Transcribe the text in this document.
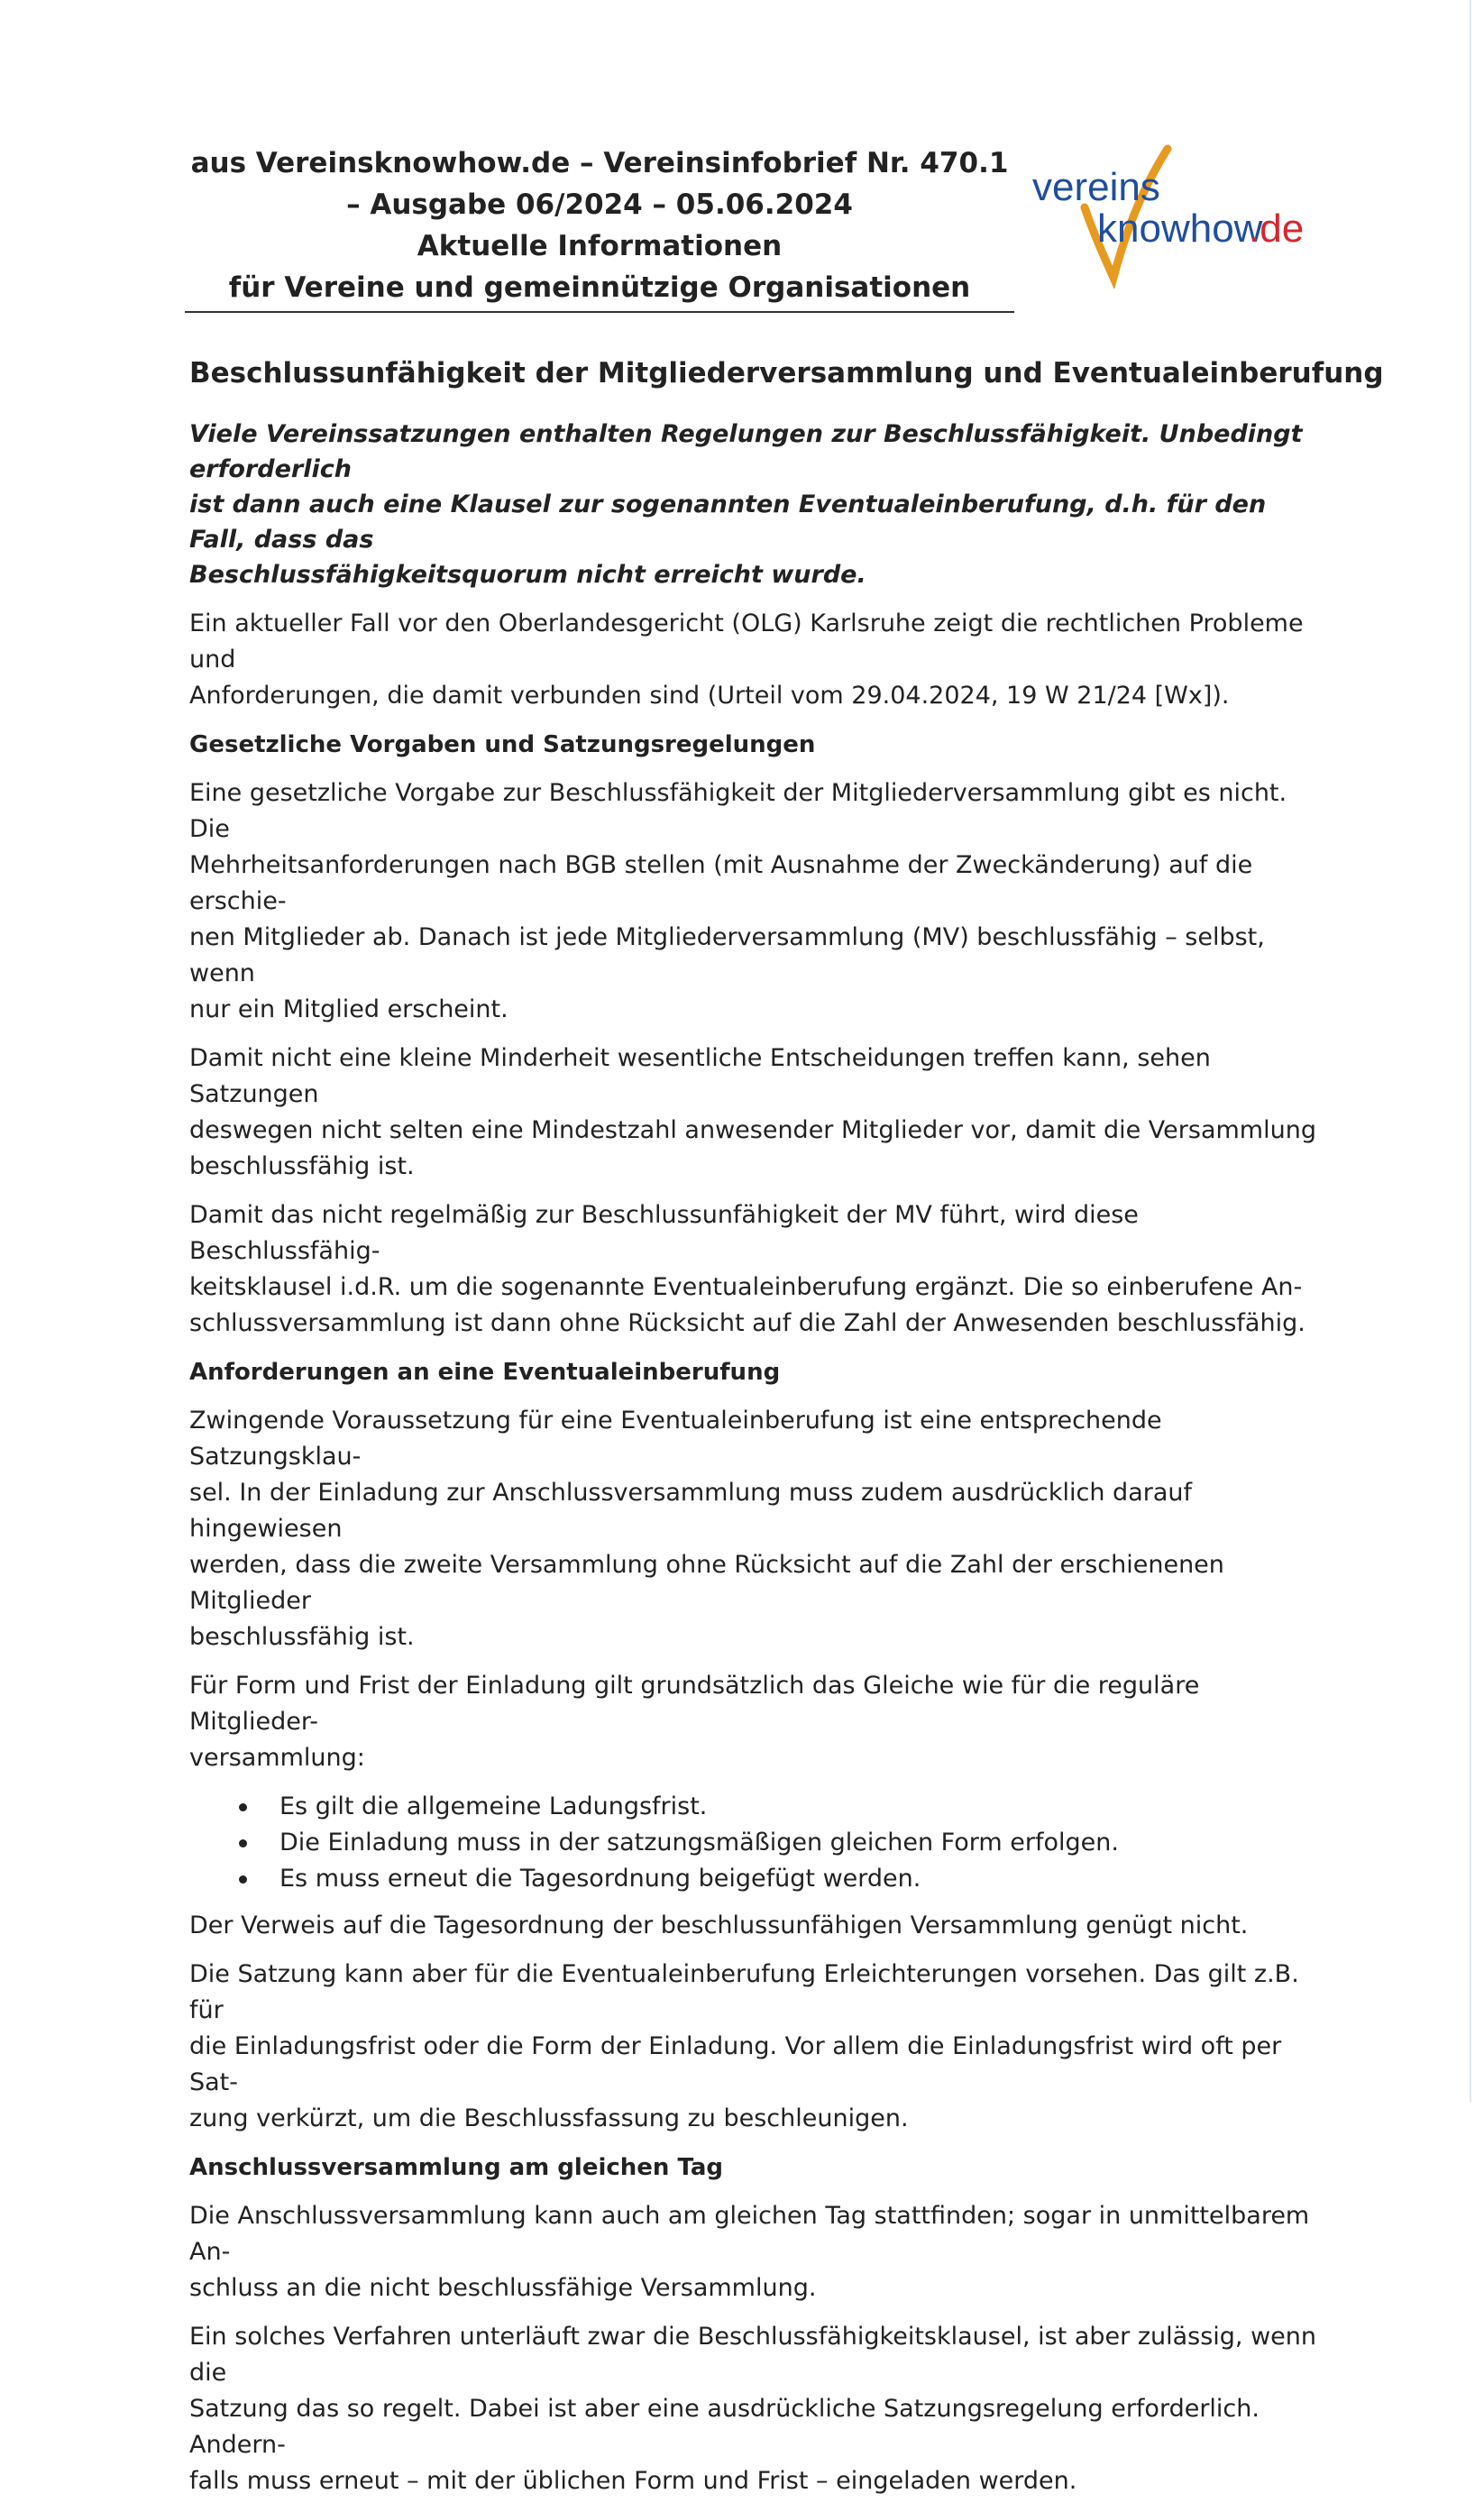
aus Vereinsknowhow.de – Vereinsinfobrief Nr. 470.1
– Ausgabe 06/2024 – 05.06.2024
Aktuelle Informationen
für Vereine und gemeinnützige Organisationen
vereins
knowhow
.de
Beschlussunfähigkeit der Mitgliederversammlung und Eventualeinberufung
Viele Vereinssatzungen enthalten Regelungen zur Beschlussfähigkeit. Unbedingt erforderlich
ist dann auch eine Klausel zur sogenannten Eventualeinberufung, d.h. für den Fall, dass das
Beschlussfähigkeitsquorum nicht erreicht wurde.

Ein aktueller Fall vor den Oberlandesgericht (OLG) Karlsruhe zeigt die rechtlichen Probleme und
Anforderungen, die damit verbunden sind (Urteil vom 29.04.2024, 19 W 21/24 [Wx]).

Gesetzliche Vorgaben und Satzungsregelungen

Eine gesetzliche Vorgabe zur Beschlussfähigkeit der Mitgliederversammlung gibt es nicht. Die
Mehrheitsanforderungen nach BGB stellen (mit Ausnahme der Zweckänderung) auf die erschie-
nen Mitglieder ab. Danach ist jede Mitgliederversammlung (MV) beschlussfähig – selbst, wenn
nur ein Mitglied erscheint.

Damit nicht eine kleine Minderheit wesentliche Entscheidungen treffen kann, sehen Satzungen
deswegen nicht selten eine Mindestzahl anwesender Mitglieder vor, damit die Versammlung
beschlussfähig ist.

Damit das nicht regelmäßig zur Beschlussunfähigkeit der MV führt, wird diese Beschlussfähig-
keitsklausel i.d.R. um die sogenannte Eventualeinberufung ergänzt. Die so einberufene An-
schlussversammlung ist dann ohne Rücksicht auf die Zahl der Anwesenden beschlussfähig.

Anforderungen an eine Eventualeinberufung

Zwingende Voraussetzung für eine Eventualeinberufung ist eine entsprechende Satzungsklau-
sel. In der Einladung zur Anschlussversammlung muss zudem ausdrücklich darauf hingewiesen
werden, dass die zweite Versammlung ohne Rücksicht auf die Zahl der erschienenen Mitglieder
beschlussfähig ist.

Für Form und Frist der Einladung gilt grundsätzlich das Gleiche wie für die reguläre Mitglieder-
versammlung:

Es gilt die allgemeine Ladungsfrist.
Die Einladung muss in der satzungsmäßigen gleichen Form erfolgen.
Es muss erneut die Tagesordnung beigefügt werden.

Der Verweis auf die Tagesordnung der beschlussunfähigen Versammlung genügt nicht.

Die Satzung kann aber für die Eventualeinberufung Erleichterungen vorsehen. Das gilt z.B. für
die Einladungsfrist oder die Form der Einladung. Vor allem die Einladungsfrist wird oft per Sat-
zung verkürzt, um die Beschlussfassung zu beschleunigen.

Anschlussversammlung am gleichen Tag

Die Anschlussversammlung kann auch am gleichen Tag stattfinden; sogar in unmittelbarem An-
schluss an die nicht beschlussfähige Versammlung.

Ein solches Verfahren unterläuft zwar die Beschlussfähigkeitsklausel, ist aber zulässig, wenn die
Satzung das so regelt. Dabei ist aber eine ausdrückliche Satzungsregelung erforderlich. Andern-
falls muss erneut – mit der üblichen Form und Frist – eingeladen werden.
